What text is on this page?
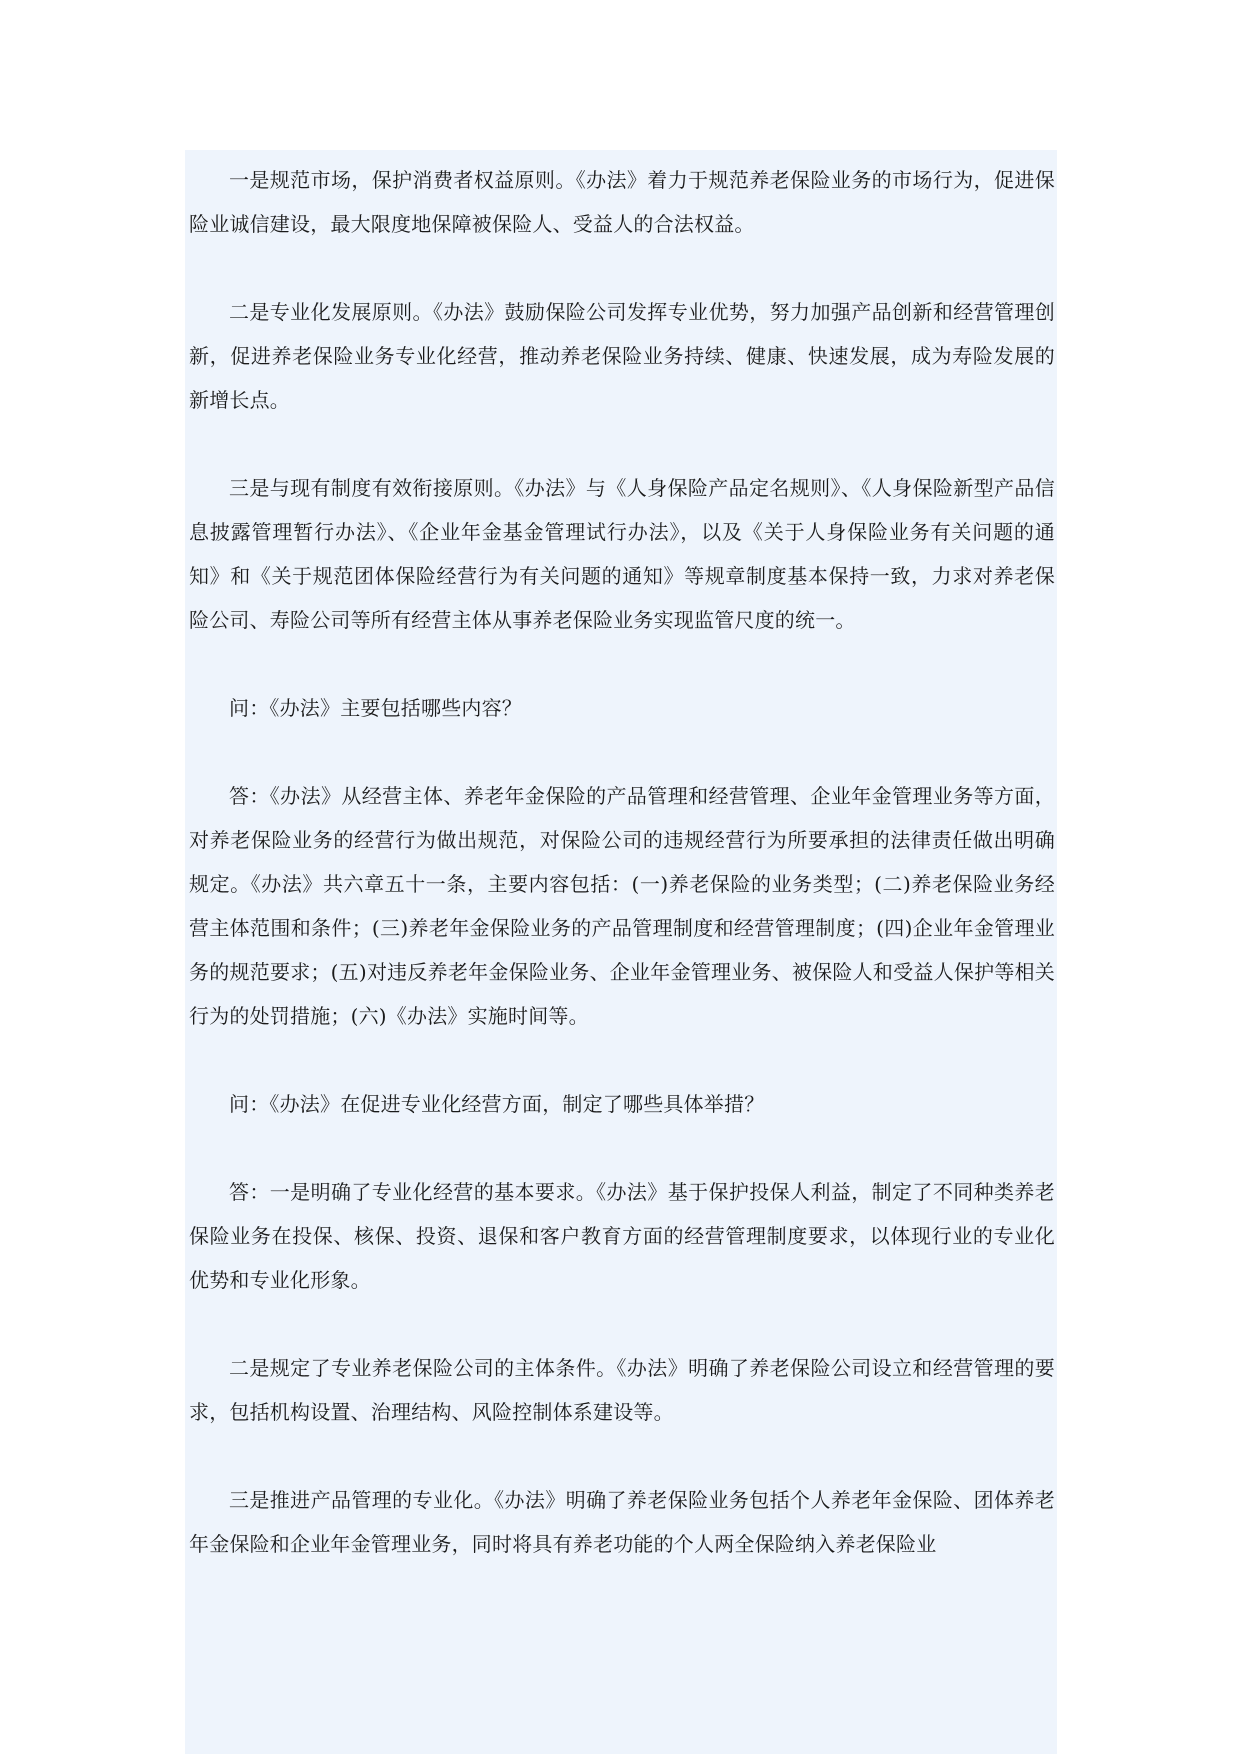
一是规范市场，保护消费者权益原则。《办法》着力于规范养老保险业务的市场行为，促进保险业诚信建设，最大限度地保障被保险人、受益人的合法权益。

二是专业化发展原则。《办法》鼓励保险公司发挥专业优势，努力加强产品创新和经营管理创新，促进养老保险业务专业化经营，推动养老保险业务持续、健康、快速发展，成为寿险发展的新增长点。

三是与现有制度有效衔接原则。《办法》与《人身保险产品定名规则》、《人身保险新型产品信息披露管理暂行办法》、《企业年金基金管理试行办法》，以及《关于人身保险业务有关问题的通知》和《关于规范团体保险经营行为有关问题的通知》等规章制度基本保持一致，力求对养老保险公司、寿险公司等所有经营主体从事养老保险业务实现监管尺度的统一。

问：《办法》主要包括哪些内容？

答：《办法》从经营主体、养老年金保险的产品管理和经营管理、企业年金管理业务等方面，对养老保险业务的经营行为做出规范，对保险公司的违规经营行为所要承担的法律责任做出明确规定。《办法》共六章五十一条，主要内容包括：(一)养老保险的业务类型；(二)养老保险业务经营主体范围和条件；(三)养老年金保险业务的产品管理制度和经营管理制度；(四)企业年金管理业务的规范要求；(五)对违反养老年金保险业务、企业年金管理业务、被保险人和受益人保护等相关行为的处罚措施；(六)《办法》实施时间等。

问：《办法》在促进专业化经营方面，制定了哪些具体举措？

答：一是明确了专业化经营的基本要求。《办法》基于保护投保人利益，制定了不同种类养老保险业务在投保、核保、投资、退保和客户教育方面的经营管理制度要求，以体现行业的专业化优势和专业化形象。

二是规定了专业养老保险公司的主体条件。《办法》明确了养老保险公司设立和经营管理的要求，包括机构设置、治理结构、风险控制体系建设等。

三是推进产品管理的专业化。《办法》明确了养老保险业务包括个人养老年金保险、团体养老年金保险和企业年金管理业务，同时将具有养老功能的个人两全保险纳入养老保险业
